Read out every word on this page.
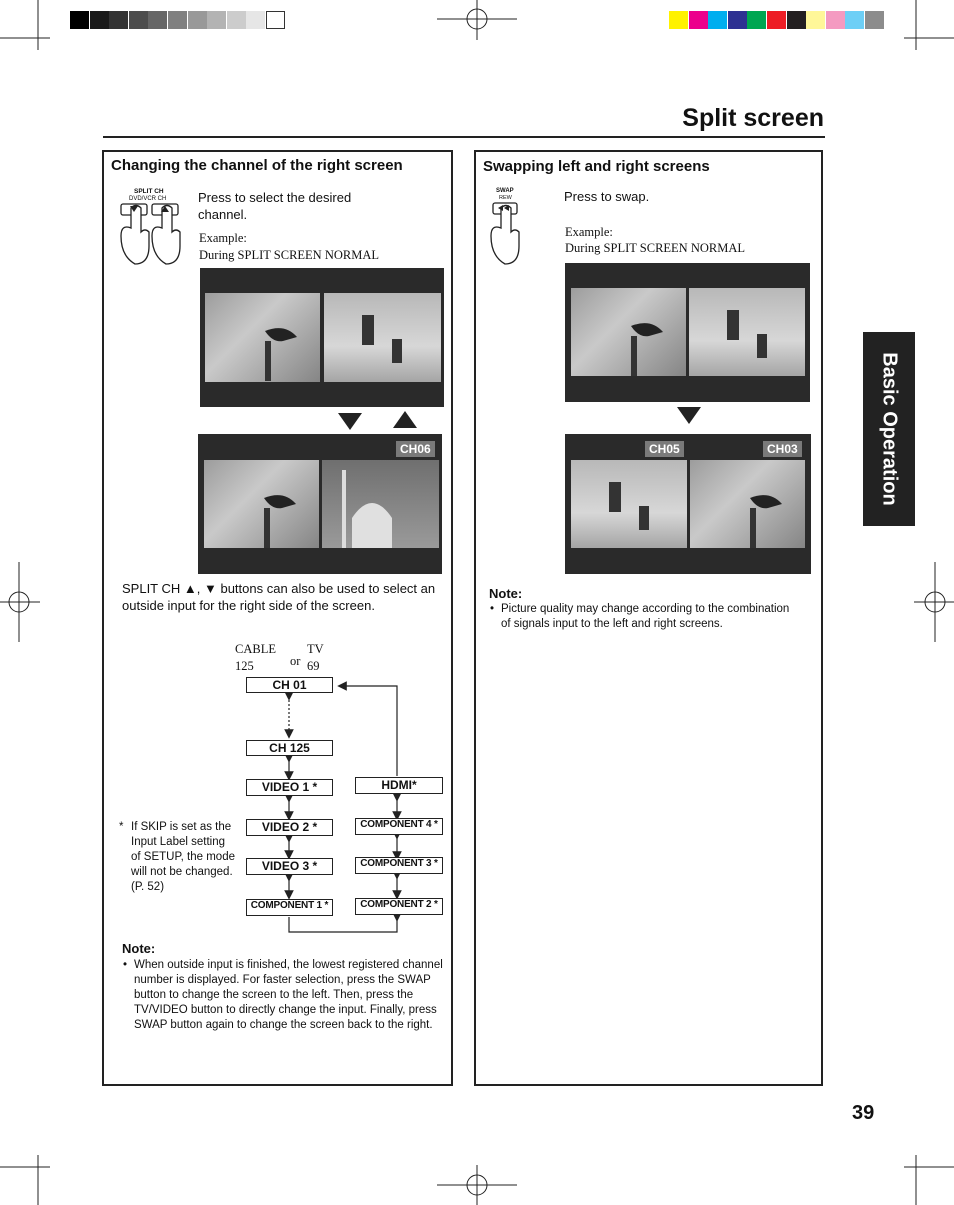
Split screen
Basic Operation
39
Changing the channel of the right screen
SPLIT CH
DVD/VCR CH Press to select the desired channel.
Example:
During SPLIT SCREEN NORMAL
CH06
SPLIT CH ▲, ▼ buttons can also be used to select an outside input for the right side of the screen.
CABLE
125	or
TV
69
CH 01
CH 125
VIDEO 1 *
VIDEO 2 *
VIDEO 3 *
COMPONENT 1 *
HDMI*
COMPONENT 4 *
COMPONENT 3 *
COMPONENT 2 *
* If SKIP is set as the Input Label setting of SETUP, the mode will not be changed. (P. 52)
Note:
• When outside input is finished, the lowest registered channel number is displayed. For faster selection, press the SWAP button to change the screen to the left. Then, press the TV/VIDEO button to directly change the input. Finally, press SWAP button again to change the screen back to the right.
Swapping left and right screens
SWAP
REW	Press to swap.
Example:
During SPLIT SCREEN NORMAL
CH05	CH03
Note:
• Picture quality may change according to the combination of signals input to the left and right screens.
